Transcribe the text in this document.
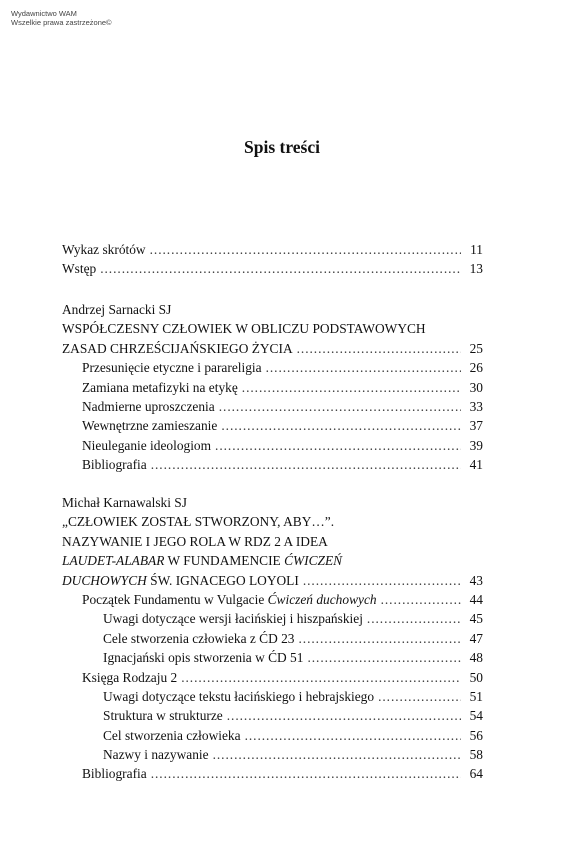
Wydawnictwo WAM
Wszelkie prawa zastrzeżone©
Spis treści
Wykaz skrótów . . .	11
Wstęp . . .	13
Andrzej Sarnacki SJ
WSPÓŁCZESNY CZŁOWIEK W OBLICZU PODSTAWOWYCH
ZASAD CHRZEŚCIJAŃSKIEGO ŻYCIA . . .	25
Przesunięcie etyczne i parareligia . . .	26
Zamiana metafizyki na etykę . . .	30
Nadmierne uproszczenia . . .	33
Wewnętrzne zamieszanie . . .	37
Nieuleganie ideologiom . . .	39
Bibliografia . . .	41
Michał Karnawalski SJ
„CZŁOWIEK ZOSTAŁ STWORZONY, ABY…”.
NAZYWANIE I JEGO ROLA W RDZ 2 A IDEA
LAUDET-ALABAR W FUNDAMENCIE ĆWICZEŃ
DUCHOWYCH ŚW. IGNACEGO LOYOLI . . .	43
Początek Fundamentu w Vulgacie Ćwiczeń duchowych . . .	44
Uwagi dotyczące wersji łacińskiej i hiszpańskiej . . .	45
Cele stworzenia człowieka z ĆD 23 . . .	47
Ignacjański opis stworzenia w ĆD 51 . . .	48
Księga Rodzaju 2 . . .	50
Uwagi dotyczące tekstu łacińskiego i hebrajskiego . . .	51
Struktura w strukturze . . .	54
Cel stworzenia człowieka . . .	56
Nazwy i nazywanie . . .	58
Bibliografia . . .	64
